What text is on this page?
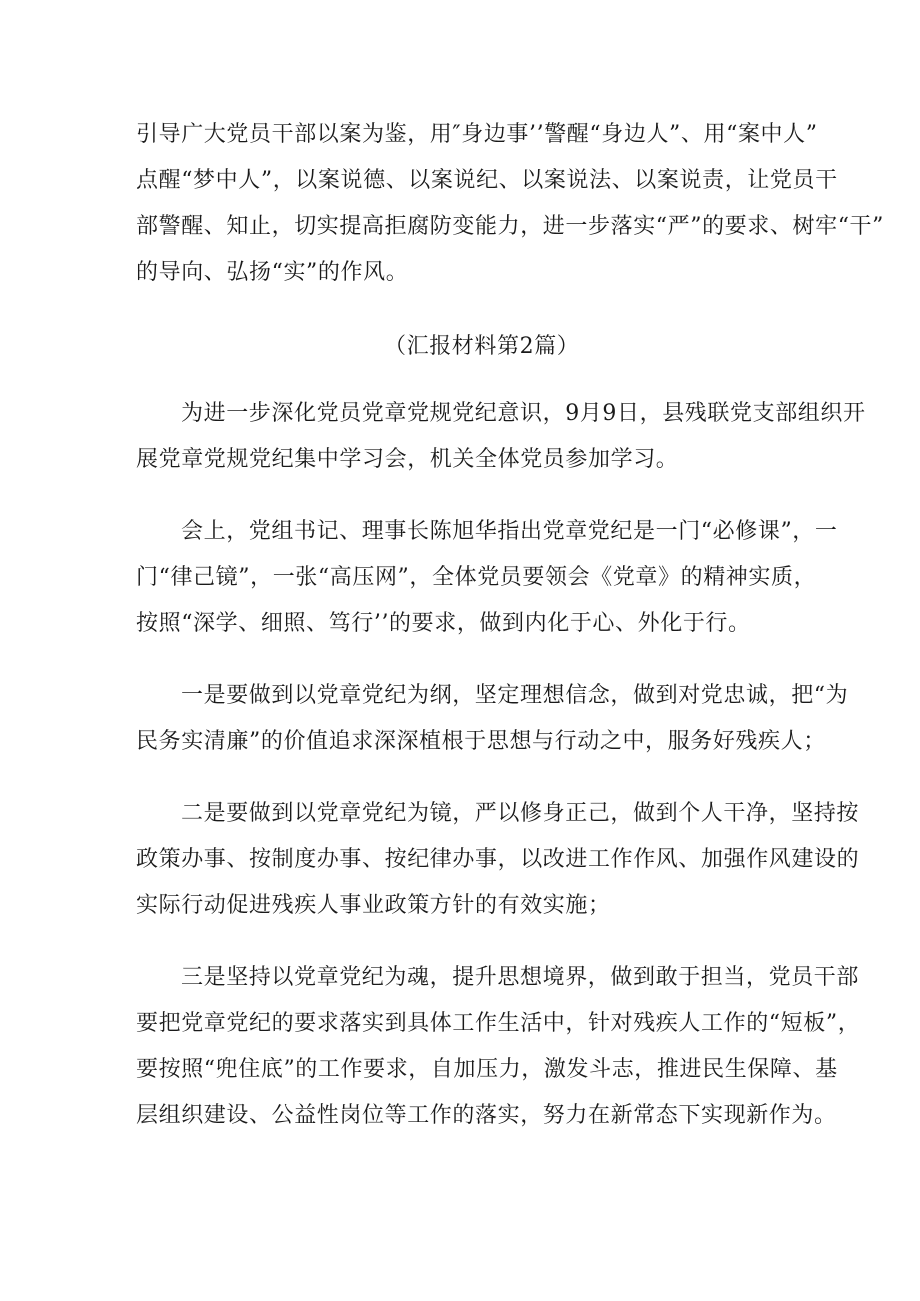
引导广大党员干部以案为鉴，用″身边事’’警醒“身边人”、用“案中人”
点醒“梦中人”，以案说德、以案说纪、以案说法、以案说责，让党员干
部警醒、知止，切实提高拒腐防变能力，进一步落实“严”的要求、树牢“干”
的导向、弘扬“实”的作风。
（汇报材料第2篇）
为进一步深化党员党章党规党纪意识，9月9日，县残联党支部组织开
展党章党规党纪集中学习会，机关全体党员参加学习。
会上，党组书记、理事长陈旭华指出党章党纪是一门“必修课”，一
门“律己镜”，一张“高压网”，全体党员要领会《党章》的精神实质，
按照“深学、细照、笃行’’的要求，做到内化于心、外化于行。
一是要做到以党章党纪为纲，坚定理想信念，做到对党忠诚，把“为
民务实清廉”的价值追求深深植根于思想与行动之中，服务好残疾人；
二是要做到以党章党纪为镜，严以修身正己，做到个人干净，坚持按
政策办事、按制度办事、按纪律办事，以改进工作作风、加强作风建设的
实际行动促进残疾人事业政策方针的有效实施；
三是坚持以党章党纪为魂，提升思想境界，做到敢于担当，党员干部
要把党章党纪的要求落实到具体工作生活中，针对残疾人工作的“短板”，
要按照“兜住底”的工作要求，自加压力，激发斗志，推进民生保障、基
层组织建设、公益性岗位等工作的落实，努力在新常态下实现新作为。
